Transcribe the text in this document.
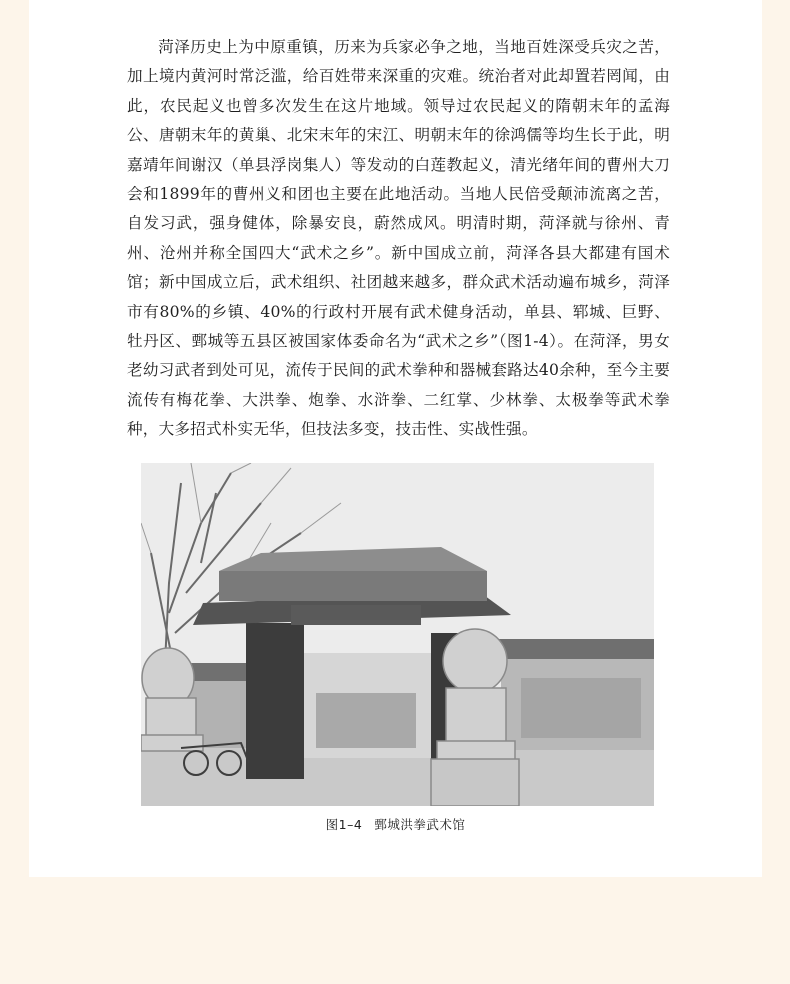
菏泽历史上为中原重镇，历来为兵家必争之地，当地百姓深受兵灾之苦，加上境内黄河时常泛滥，给百姓带来深重的灾难。统治者对此却置若罔闻，由此，农民起义也曾多次发生在这片地域。领导过农民起义的隋朝末年的孟海公、唐朝末年的黄巢、北宋末年的宋江、明朝末年的徐鸿儒等均生长于此，明嘉靖年间谢汉（单县浮岗集人）等发动的白莲教起义，清光绪年间的曹州大刀会和1899年的曹州义和团也主要在此地活动。当地人民倍受颠沛流离之苦，自发习武，强身健体，除暴安良，蔚然成风。明清时期，菏泽就与徐州、青州、沧州并称全国四大“武术之乡”。新中国成立前，菏泽各县大都建有国术馆；新中国成立后，武术组织、社团越来越多，群众武术活动遍布城乡，菏泽市有80%的乡镇、40%的行政村开展有武术健身活动，单县、郓城、巨野、牡丹区、鄄城等五县区被国家体委命名为“武术之乡”（图1-4）。在菏泽，男女老幼习武者到处可见，流传于民间的武术拳种和器械套路达40余种，至今主要流传有梅花拳、大洪拳、炮拳、水浒拳、二红掌、少林拳、太极拳等武术拳种，大多招式朴实无华，但技法多变，技击性、实战性强。

图1–4 鄄城洪拳武术馆
